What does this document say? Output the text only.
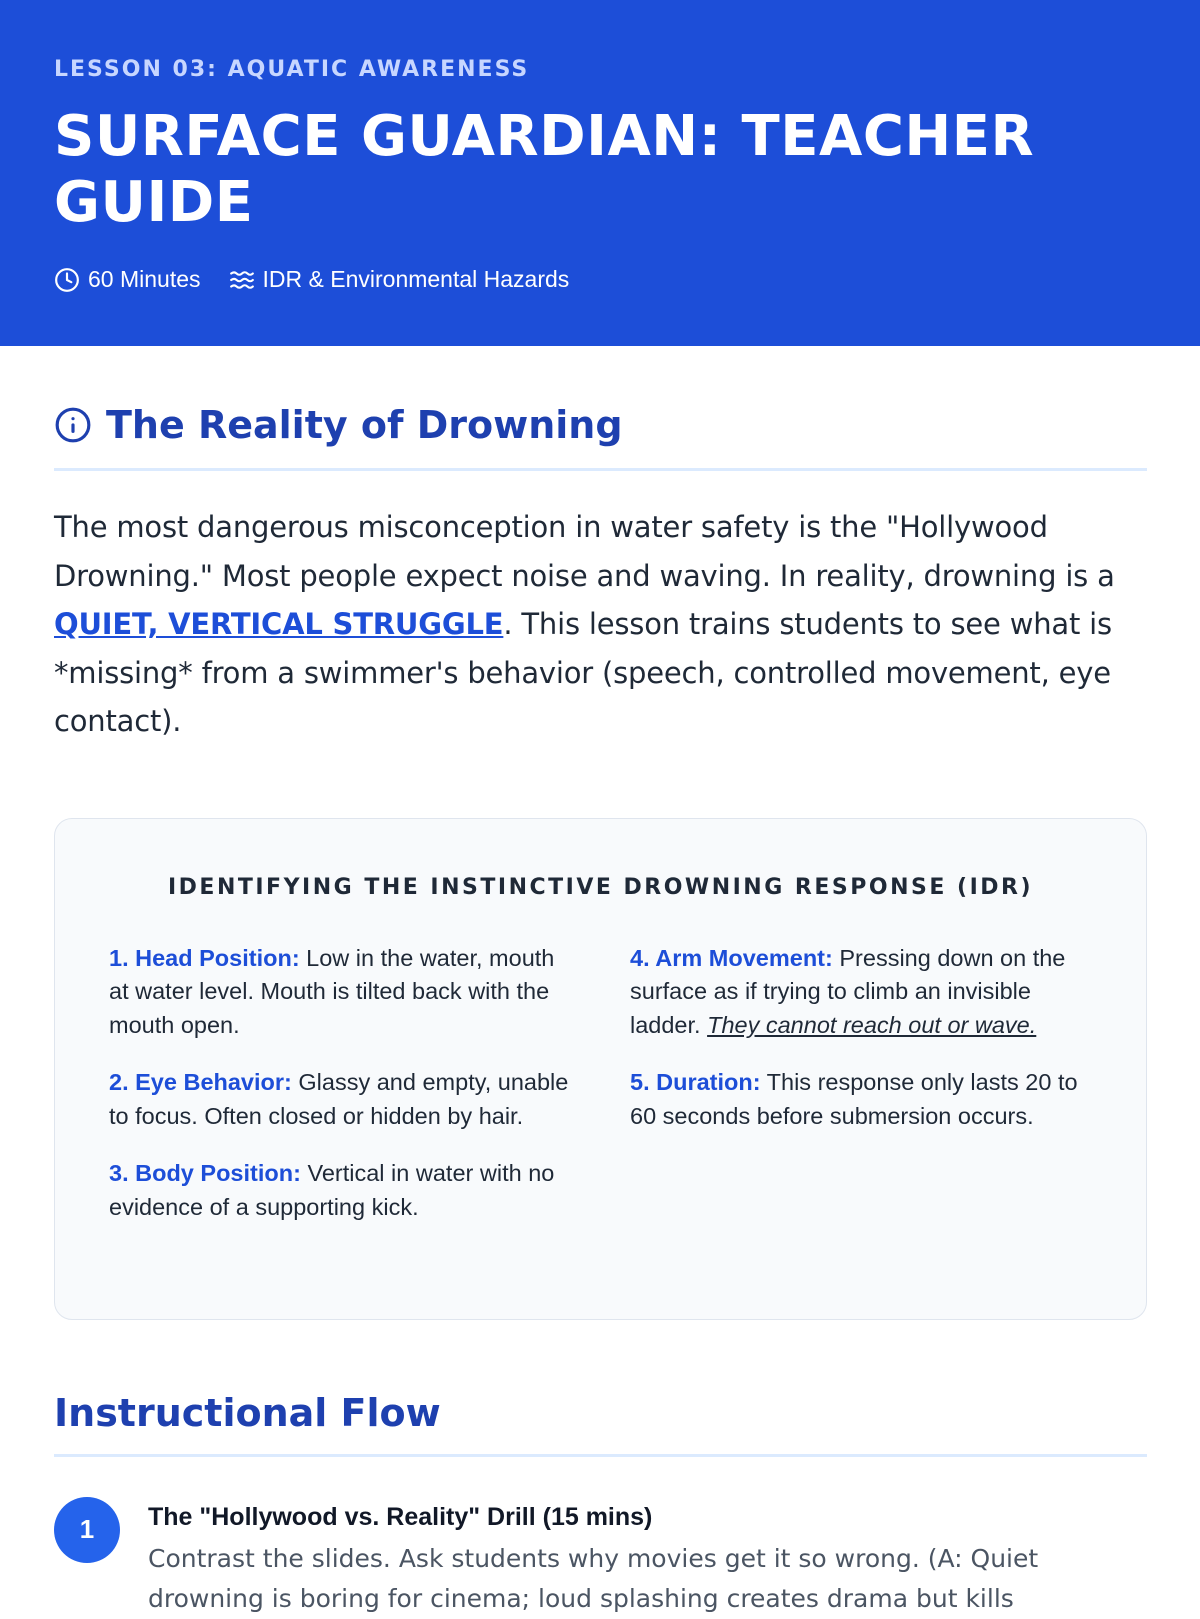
LESSON 03: AQUATIC AWARENESS
SURFACE GUARDIAN: TEACHER GUIDE
60 Minutes	IDR & Environmental Hazards
The Reality of Drowning

The most dangerous misconception in water safety is the "Hollywood Drowning." Most people expect noise and waving. In reality, drowning is a QUIET, VERTICAL STRUGGLE. This lesson trains students to see what is *missing* from a swimmer's behavior (speech, controlled movement, eye contact).

IDENTIFYING THE INSTINCTIVE DROWNING RESPONSE (IDR)

1. Head Position: Low in the water, mouth at water level. Mouth is tilted back with the mouth open.

2. Eye Behavior: Glassy and empty, unable to focus. Often closed or hidden by hair.

3. Body Position: Vertical in water with no evidence of a supporting kick.

4. Arm Movement: Pressing down on the surface as if trying to climb an invisible ladder. They cannot reach out or wave.

5. Duration: This response only lasts 20 to 60 seconds before submersion occurs.

Instructional Flow
1	The "Hollywood vs. Reality" Drill (15 mins)
Contrast the slides. Ask students why movies get it so wrong. (A: Quiet drowning is boring for cinema; loud splashing creates drama but kills
